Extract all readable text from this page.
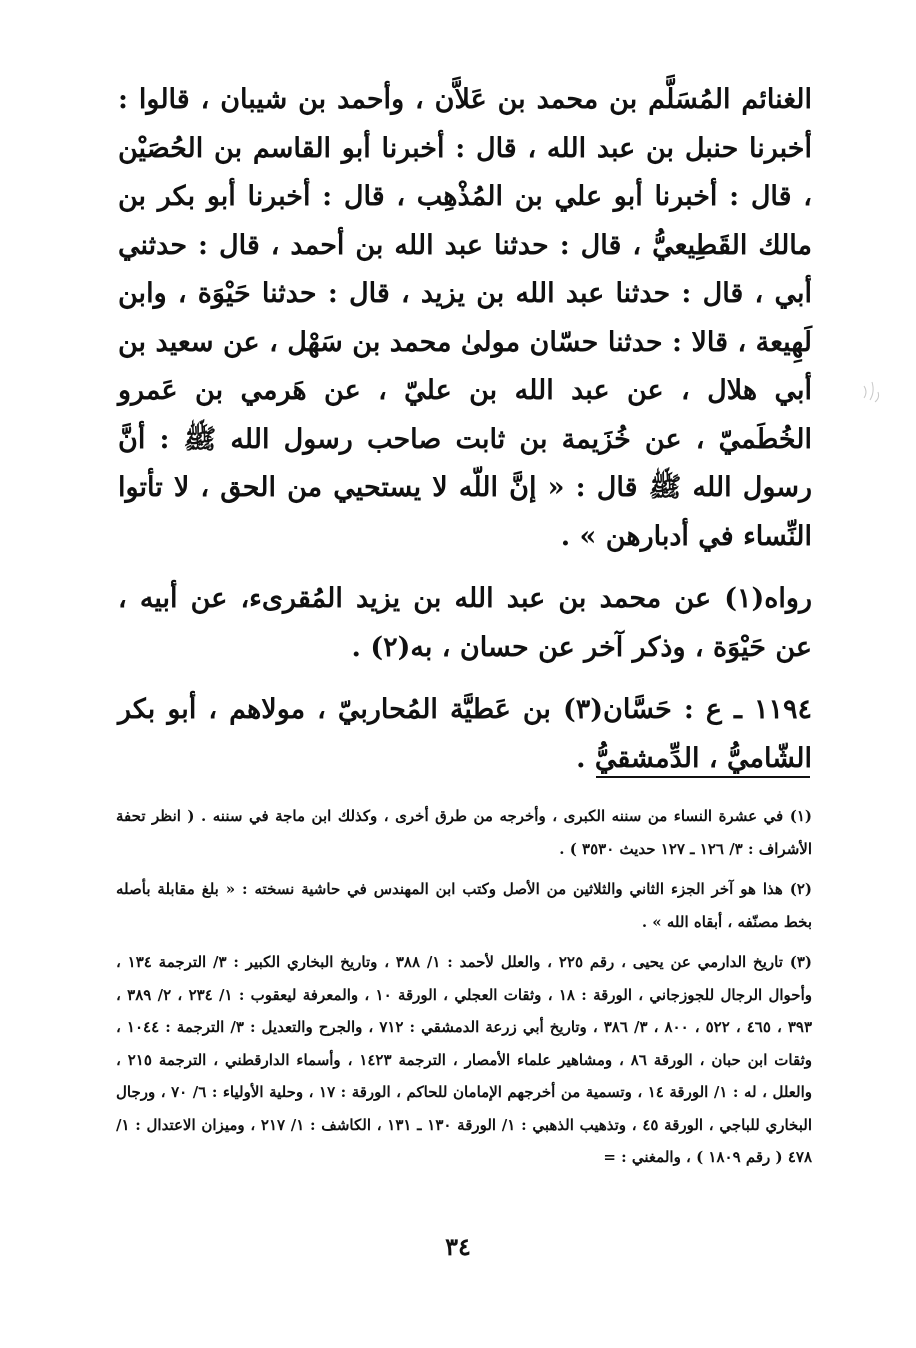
الغنائم المُسَلَّم بن محمد بن عَلاَّن ، وأحمد بن شيبان ، قالوا : أخبرنا حنبل بن عبد الله ، قال : أخبرنا أبو القاسم بن الحُصَيْن ، قال : أخبرنا أبو علي بن المُذْهِب ، قال : أخبرنا أبو بكر بن مالك القَطِيعيُّ ، قال : حدثنا عبد الله بن أحمد ، قال : حدثني أبي ، قال : حدثنا عبد الله بن يزيد ، قال : حدثنا حَيْوَة ، وابن لَهِيعة ، قالا : حدثنا حسّان مولىٰ محمد بن سَهْل ، عن سعيد بن أبي هلال ، عن عبد الله بن عليّ ، عن هَرمي بن عَمرو الخُطَميّ ، عن خُزَيمة بن ثابت صاحب رسول الله ﷺ : أنَّ رسول الله ﷺ قال : « إنَّ اللّه لا يستحيي من الحق ، لا تأتوا النِّساء في أدبارهن » .

رواه(١) عن محمد بن عبد الله بن يزيد المُقرىء، عن أبيه ، عن حَيْوَة ، وذكر آخر عن حسان ، به(٢) .

١١٩٤ ـ ع : حَسَّان(٣) بن عَطيَّة المُحاربيّ ، مولاهم ، أبو بكر الشّاميُّ ، الدِّمشقيُّ .

(١) في عشرة النساء من سننه الكبرى ، وأخرجه من طرق أخرى ، وكذلك ابن ماجة في سننه . ( انظر تحفة الأشراف : ٣/ ١٢٦ ـ ١٢٧ حديث ٣٥٣٠ ) .

(٢) هذا هو آخر الجزء الثاني والثلاثين من الأصل وكتب ابن المهندس في حاشية نسخته : « بلغ مقابلة بأصله بخط مصنّفه ، أبقاه الله » .

(٣) تاريخ الدارمي عن يحيى ، رقم ٢٢٥ ، والعلل لأحمد : ١/ ٣٨٨ ، وتاريخ البخاري الكبير : ٣/ الترجمة ١٣٤ ، وأحوال الرجال للجوزجاني ، الورقة : ١٨ ، وثقات العجلي ، الورقة ١٠ ، والمعرفة ليعقوب : ١/ ٢٣٤ ، ٢/ ٣٨٩ ، ٣٩٣ ، ٤٦٥ ، ٥٢٢ ، ٨٠٠ ، ٣/ ٣٨٦ ، وتاريخ أبي زرعة الدمشقي : ٧١٢ ، والجرح والتعديل : ٣/ الترجمة : ١٠٤٤ ، وثقات ابن حبان ، الورقة ٨٦ ، ومشاهير علماء الأمصار ، الترجمة ١٤٢٣ ، وأسماء الدارقطني ، الترجمة ٢١٥ ، والعلل ، له : ١/ الورقة ١٤ ، وتسمية من أخرجهم الإمامان للحاكم ، الورقة : ١٧ ، وحلية الأولياء : ٦/ ٧٠ ، ورجال البخاري للباجي ، الورقة ٤٥ ، وتذهيب الذهبي : ١/ الورقة ١٣٠ ـ ١٣١ ، الكاشف : ١/ ٢١٧ ، وميزان الاعتدال : ١/ ٤٧٨ ( رقم ١٨٠٩ ) ، والمغني : =

٣٤
